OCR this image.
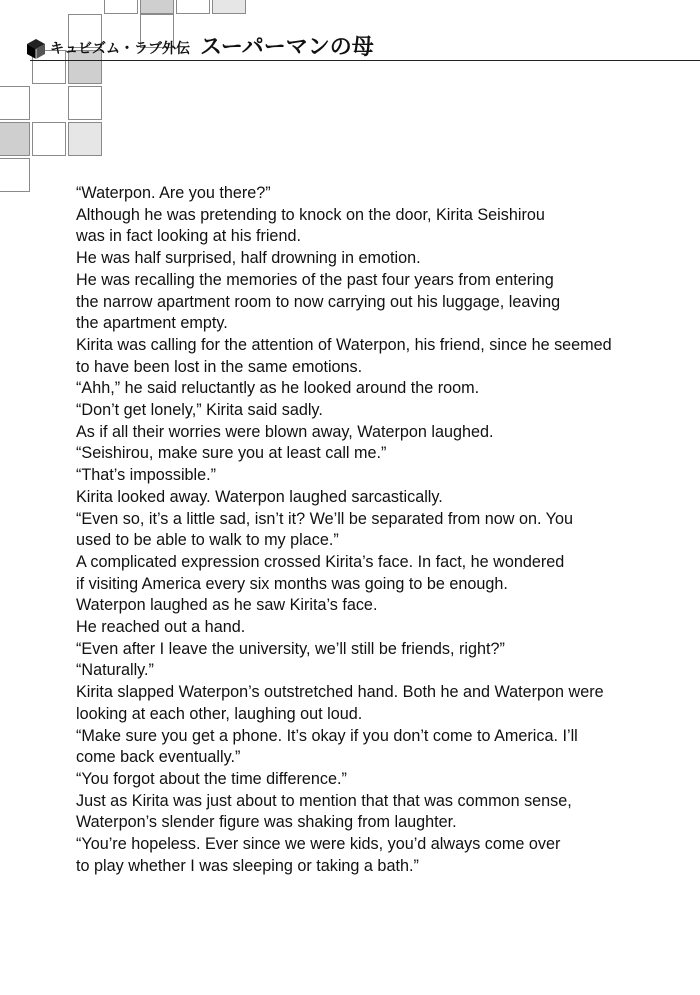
キュビズム・ラブ外伝 スーパーマンの母

“Waterpon. Are you there?”

Although he was pretending to knock on the door, Kirita Seishirou

was in fact looking at his friend.

He was half surprised, half drowning in emotion.

He was recalling the memories of the past four years from entering

the narrow apartment room to now carrying out his luggage, leaving

the apartment empty.

Kirita was calling for the attention of Waterpon, his friend, since he seemed

to have been lost in the same emotions.

“Ahh,” he said reluctantly as he looked around the room.

“Don’t get lonely,” Kirita said sadly.

As if all their worries were blown away, Waterpon laughed.

“Seishirou, make sure you at least call me.”

“That’s impossible.”

Kirita looked away. Waterpon laughed sarcastically.

“Even so, it’s a little sad, isn’t it? We’ll be separated from now on. You

used to be able to walk to my place.”

A complicated expression crossed Kirita’s face. In fact, he wondered

if visiting America every six months was going to be enough.

Waterpon laughed as he saw Kirita’s face.

He reached out a hand.

“Even after I leave the university, we’ll still be friends, right?”

“Naturally.”

Kirita slapped Waterpon’s outstretched hand. Both he and Waterpon were

looking at each other, laughing out loud.

“Make sure you get a phone. It’s okay if you don’t come to America. I’ll

come back eventually.”

“You forgot about the time difference.”

Just as Kirita was just about to mention that that was common sense,

Waterpon’s slender figure was shaking from laughter.

“You’re hopeless. Ever since we were kids, you’d always come over

to play whether I was sleeping or taking a bath.”
